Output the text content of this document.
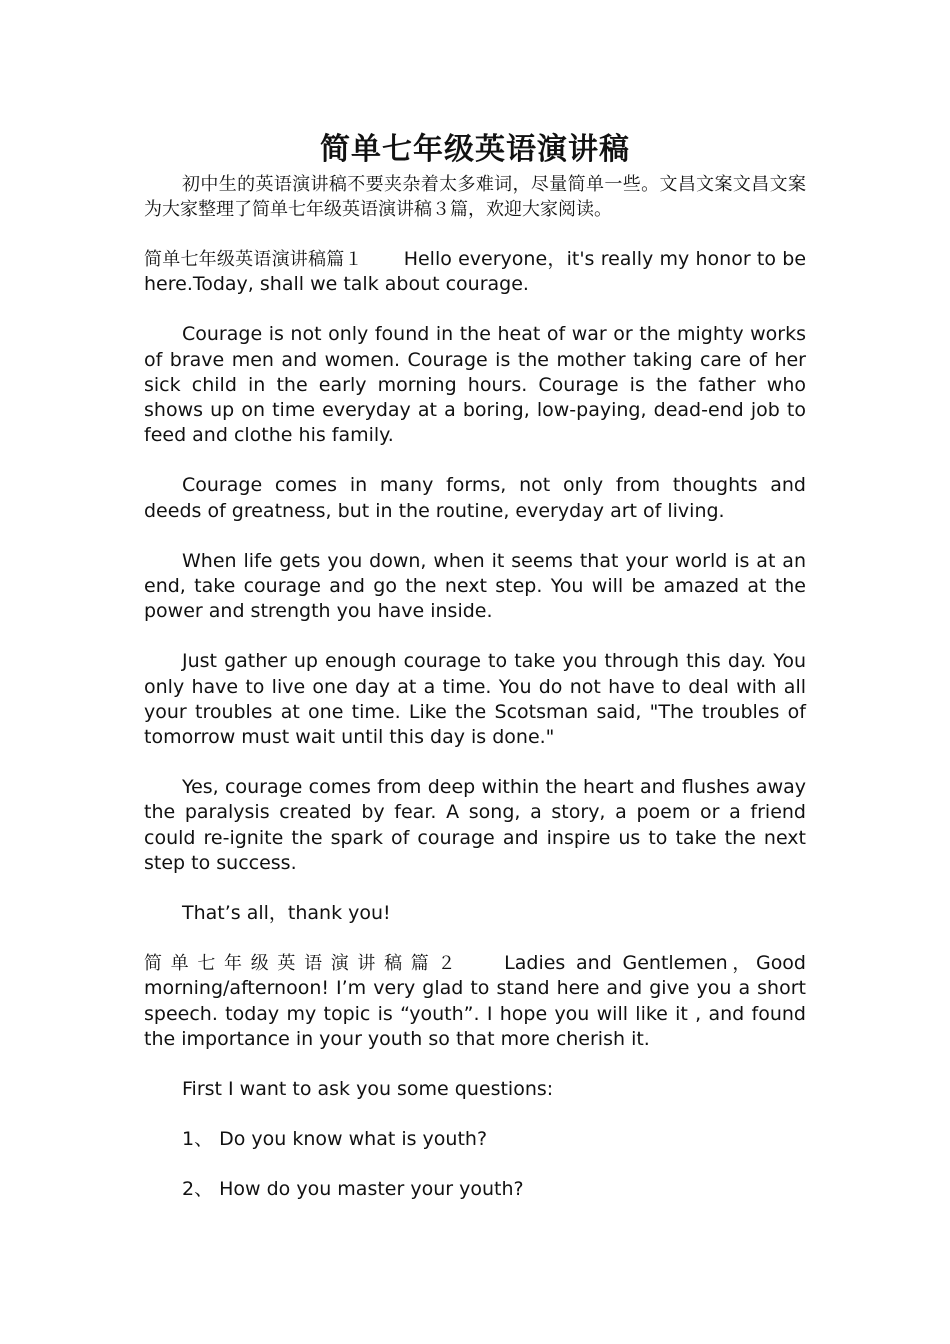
简单七年级英语演讲稿

初中生的英语演讲稿不要夹杂着太多难词，尽量简单一些。文昌文案文昌文案为大家整理了简单七年级英语演讲稿３篇，欢迎大家阅读。

简单七年级英语演讲稿篇１ Hello everyone，it's really my honor to be here.Today, shall we talk about courage.

Courage is not only found in the heat of war or the mighty works of brave men and women. Courage is the mother taking care of her sick child in the early morning hours. Courage is the father who shows up on time everyday at a boring, low-paying, dead-end job to feed and clothe his family.

Courage comes in many forms, not only from thoughts and deeds of greatness, but in the routine, everyday art of living.

When life gets you down, when it seems that your world is at an end, take courage and go the next step. You will be amazed at the power and strength you have inside.

Just gather up enough courage to take you through this day. You only have to live one day at a time. You do not have to deal with all your troubles at one time. Like the Scotsman said, "The troubles of tomorrow must wait until this day is done."

Yes, courage comes from deep within the heart and flushes away the paralysis created by fear. A song, a story, a poem or a friend could re-ignite the spark of courage and inspire us to take the next step to success.

That’s all，thank you!

简单七年级英语演讲稿篇２ Ladies and Gentlemen，Good morning/afternoon! I’m very glad to stand here and give you a short speech. today my topic is “youth”. I hope you will like it , and found the importance in your youth so that more cherish it.

First I want to ask you some questions:

1、 Do you know what is youth?

2、 How do you master your youth?
